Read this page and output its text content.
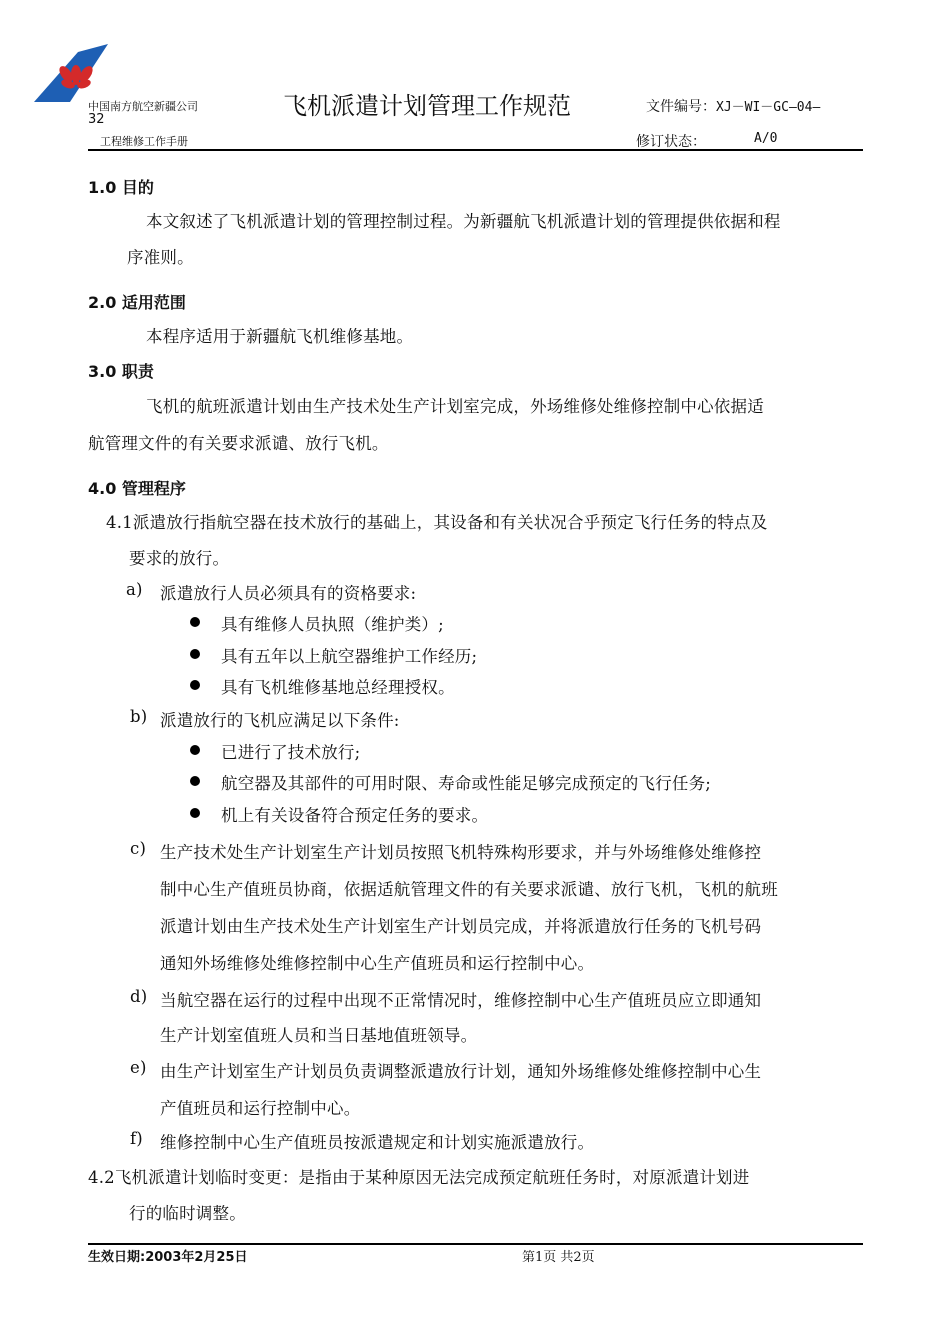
中国南方航空新疆公司
32	飞机派遣计划管理工作规范	文件编号：XJ－WI－GC—04—
工程维修工作手册	修订状态：	A/0
1.0 目的
本文叙述了飞机派遣计划的管理控制过程。为新疆航飞机派遣计划的管理提供依据和程
序准则。
2.0 适用范围
本程序适用于新疆航飞机维修基地。
3.0 职责
飞机的航班派遣计划由生产技术处生产计划室完成，外场维修处维修控制中心依据适
航管理文件的有关要求派谴、放行飞机。
4.0 管理程序
4.1派遣放行指航空器在技术放行的基础上，其设备和有关状况合乎预定飞行任务的特点及
要求的放行。
a) 派遣放行人员必须具有的资格要求:
具有维修人员执照（维护类）;
具有五年以上航空器维护工作经历;
具有飞机维修基地总经理授权。
b) 派遣放行的飞机应满足以下条件:
已进行了技术放行;
航空器及其部件的可用时限、寿命或性能足够完成预定的飞行任务;
机上有关设备符合预定任务的要求。
c) 生产技术处生产计划室生产计划员按照飞机特殊构形要求，并与外场维修处维修控
制中心生产值班员协商，依据适航管理文件的有关要求派谴、放行飞机，飞机的航班
派遣计划由生产技术处生产计划室生产计划员完成，并将派遣放行任务的飞机号码
通知外场维修处维修控制中心生产值班员和运行控制中心。
d) 当航空器在运行的过程中出现不正常情况时，维修控制中心生产值班员应立即通知
生产计划室值班人员和当日基地值班领导。
e) 由生产计划室生产计划员负责调整派遣放行计划，通知外场维修处维修控制中心生
产值班员和运行控制中心。
f) 维修控制中心生产值班员按派遣规定和计划实施派遣放行。
4.2飞机派遣计划临时变更：是指由于某种原因无法完成预定航班任务时，对原派遣计划进
行的临时调整。
生效日期:2003年2月25日	第1页 共2页
